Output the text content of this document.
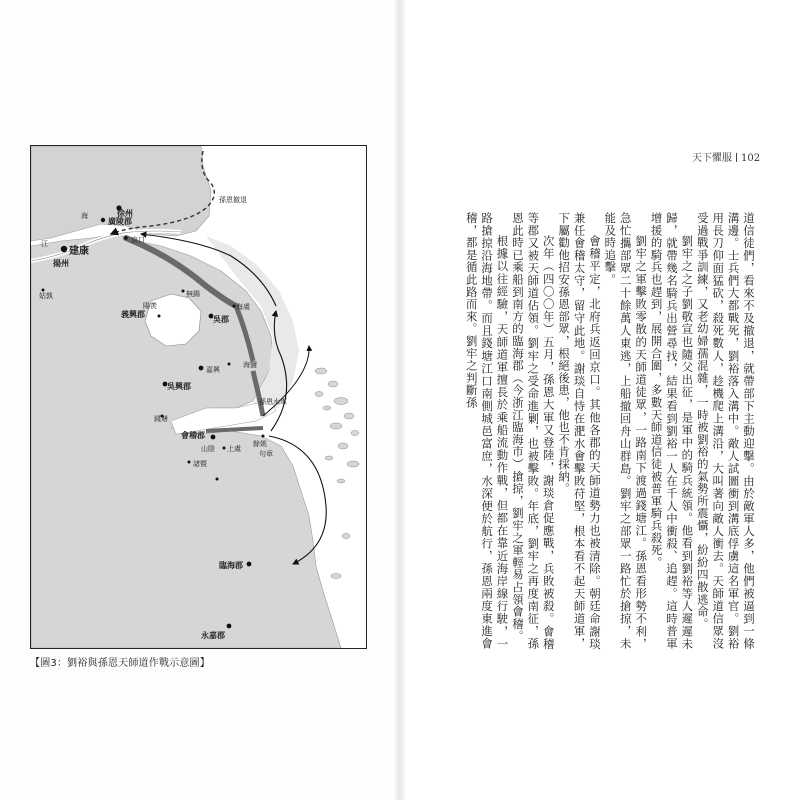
徐州
廣陵郡
建康
揚州
京口
姑孰	無錫
陽羨
義興郡
吳郡
海虞
海鹽
嘉興
吳興郡
錢塘
會稽郡
山陰 上虞
餘姚
句章
諸暨
臨海郡
永嘉郡
江
海
孫恩撤退
孫恩水軍
【圖3：劉裕與孫恩天師道作戰示意圖】
天下懼服 102

道信徒們，看來不及撤退，就帶部下主動迎擊。由於敵軍人多，他們被逼到一條溝邊。士兵們大都戰死，劉裕落入溝中。敵人試圖衝到溝底俘虜這名軍官。劉裕用長刀仰面猛砍，殺死數人，趁機爬上溝沿，大叫著向敵人衝去。天師道信眾沒受過戰爭訓練，又老幼婦孺混雜，一時被劉裕的氣勢所震懾，紛紛四散逃命。

劉牢之之子劉敬宣也隨父出征，是軍中的騎兵統領。他看到劉裕等人遲遲未歸，就帶幾名騎兵出營尋找，結果看到劉裕一人在千人中衝殺、追趕。這時普軍增援的騎兵也趕到，展開合圍，多數天師道信徒被普軍騎兵殺死。

劉牢之軍擊敗零散的天師道徒眾，一路南下渡過錢塘江。孫恩看形勢不利，急忙攜部眾二十餘萬人東逃，上船撤回舟山群島。劉牢之部眾一路忙於搶掠，未能及時追擊。

會稽平定，北府兵返回京口。其他各郡的天師道勢力也被清除。朝廷命謝琰兼任會稽太守，留守此地。謝琰自恃在淝水會擊敗苻堅，根本看不起天師道軍，下屬勸他招安孫恩部眾，根絕後患，他也不肯採納。

次年（四〇〇年）五月，孫恩大軍又登陸，謝琰倉促應戰，兵敗被殺。會稽等郡又被天師道佔領。劉牢之受命進剿，也被擊敗。年底，劉牢之再度南征，孫恩此時已乘船到南方的臨海郡（今浙江臨海市）搶掠，劉牢之軍輕易占領會稽。

根據以往經驗，天師道軍擅長於乘船流動作戰，但都在靠近海岸線行駛，一路搶掠沿海地帶。而且錢塘江口南側城邑富庶，水深便於航行，孫恩兩度東進會稽，都是循此路而來。劉牢之判斷孫
